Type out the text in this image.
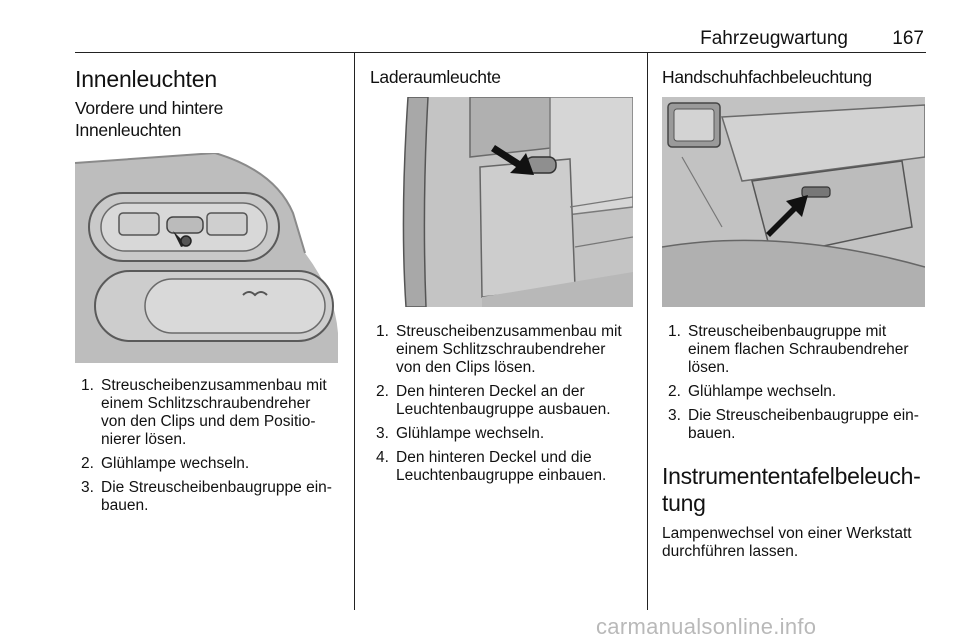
Fahrzeugwartung 167
Innenleuchten
Vordere und hintere
Innenleuchten
1. Streuscheibenzusammenbau mit
einem Schlitzschraubendreher
von den Clips und dem Positio-
nierer lösen.
2. Glühlampe wechseln.
3. Die Streuscheibenbaugruppe ein-
bauen.
Laderaumleuchte
1. Streuscheibenzusammenbau mit
einem Schlitzschraubendreher
von den Clips lösen.
2. Den hinteren Deckel an der
Leuchtenbaugruppe ausbauen.
3. Glühlampe wechseln.
4. Den hinteren Deckel und die
Leuchtenbaugruppe einbauen.
Handschuhfachbeleuchtung
1. Streuscheibenbaugruppe mit
einem flachen Schraubendreher
lösen.
2. Glühlampe wechseln.
3. Die Streuscheibenbaugruppe ein-
bauen.
Instrumententafelbeleuch-
tung

Lampenwechsel von einer Werkstatt
durchführen lassen.

carmanualsonline.info
